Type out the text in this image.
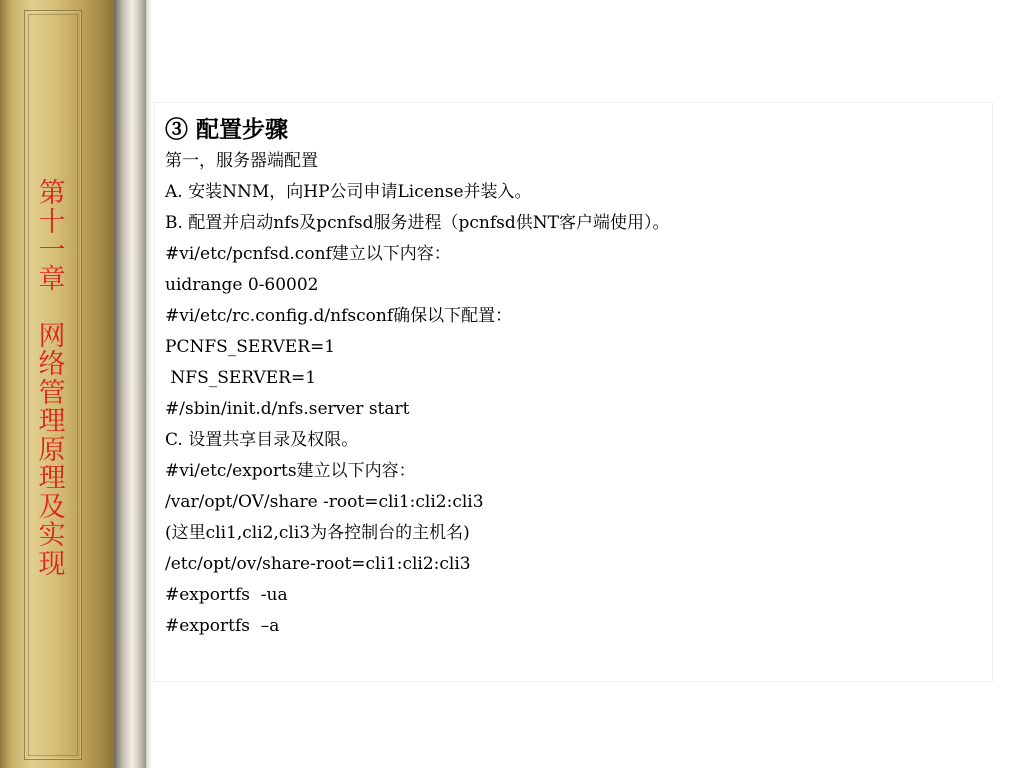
第
十
一
章

网
络
管
理
原
理
及
实
现
③ 配置步骤
第一，服务器端配置
A. 安装NNM，向HP公司申请License并装入。
B. 配置并启动nfs及pcnfsd服务进程（pcnfsd供NT客户端使用）。
#vi/etc/pcnfsd.conf建立以下内容：
uidrange 0-60002
#vi/etc/rc.config.d/nfsconf确保以下配置：
PCNFS_SERVER=1
NFS_SERVER=1
#/sbin/init.d/nfs.server start
C. 设置共享目录及权限。
#vi/etc/exports建立以下内容：
/var/opt/OV/share -root=cli1:cli2:cli3
(这里cli1,cli2,cli3为各控制台的主机名)
/etc/opt/ov/share-root=cli1:cli2:cli3
#exportfs  -ua
#exportfs  –a
